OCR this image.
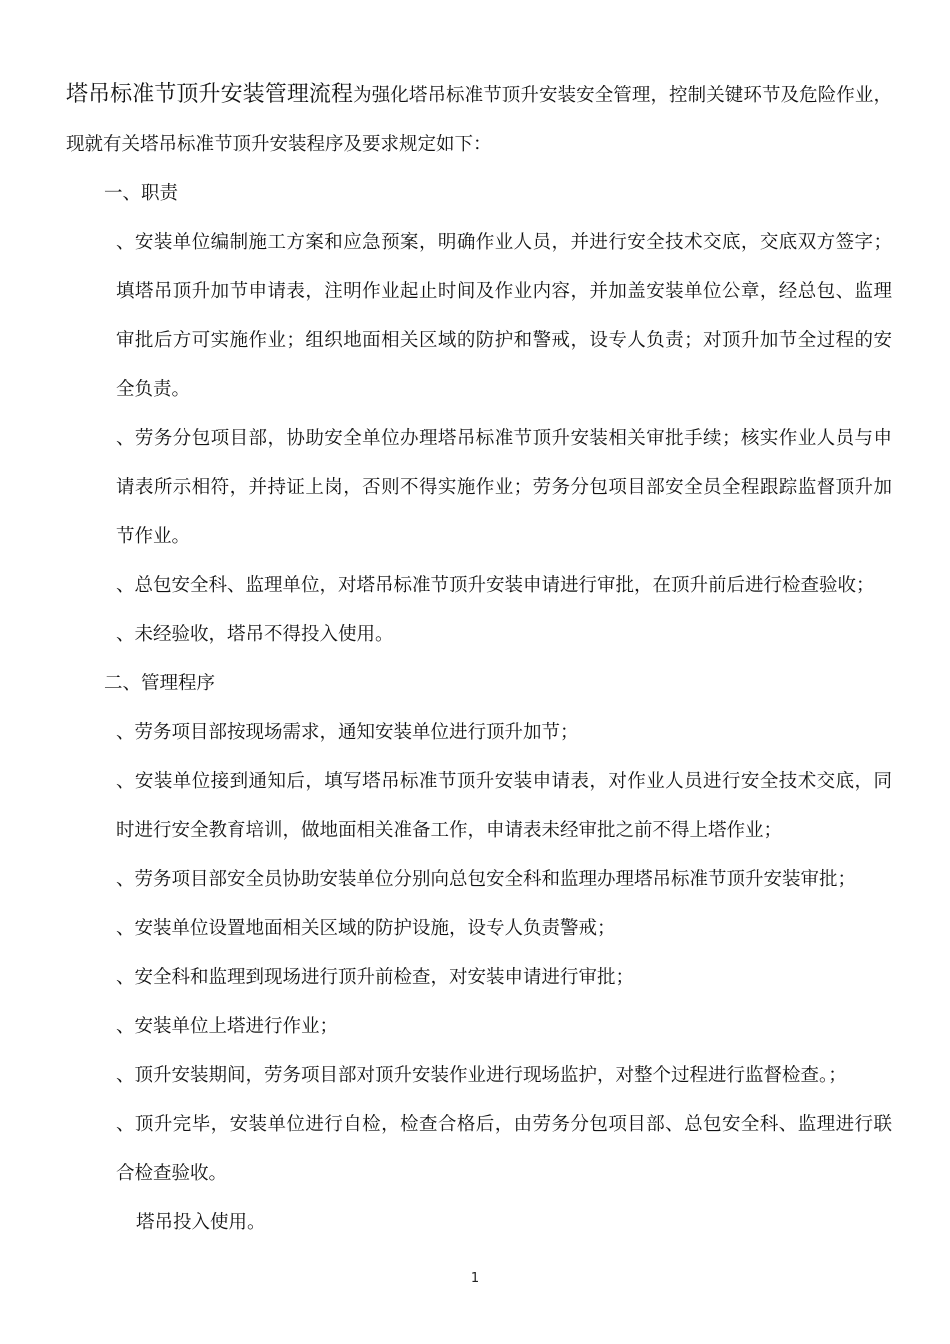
塔吊标准节顶升安装管理流程为强化塔吊标准节顶升安装安全管理，控制关键环节及危险作业，现就有关塔吊标准节顶升安装程序及要求规定如下：

一、职责

、安装单位编制施工方案和应急预案，明确作业人员，并进行安全技术交底，交底双方签字；填塔吊顶升加节申请表，注明作业起止时间及作业内容，并加盖安装单位公章，经总包、监理审批后方可实施作业；组织地面相关区域的防护和警戒，设专人负责；对顶升加节全过程的安全负责。

、劳务分包项目部，协助安全单位办理塔吊标准节顶升安装相关审批手续；核实作业人员与申请表所示相符，并持证上岗，否则不得实施作业；劳务分包项目部安全员全程跟踪监督顶升加节作业。

、总包安全科、监理单位，对塔吊标准节顶升安装申请进行审批，在顶升前后进行检查验收；

、未经验收，塔吊不得投入使用。

二、管理程序

、劳务项目部按现场需求，通知安装单位进行顶升加节；

、安装单位接到通知后，填写塔吊标准节顶升安装申请表，对作业人员进行安全技术交底，同时进行安全教育培训，做地面相关准备工作，申请表未经审批之前不得上塔作业；

、劳务项目部安全员协助安装单位分别向总包安全科和监理办理塔吊标准节顶升安装审批；

、安装单位设置地面相关区域的防护设施，设专人负责警戒；

、安全科和监理到现场进行顶升前检查，对安装申请进行审批；

、安装单位上塔进行作业；

、顶升安装期间，劳务项目部对顶升安装作业进行现场监护，对整个过程进行监督检查。；

、顶升完毕，安装单位进行自检，检查合格后，由劳务分包项目部、总包安全科、监理进行联合检查验收。

塔吊投入使用。

1
